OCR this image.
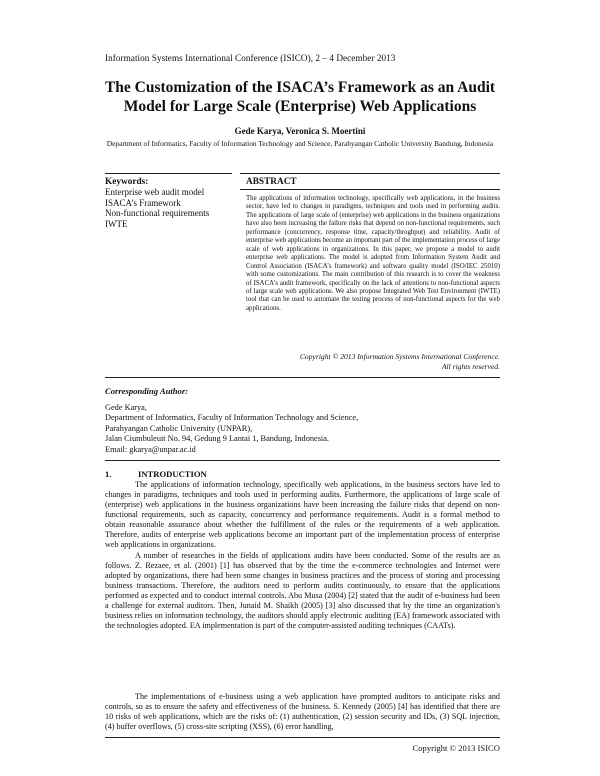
Information Systems International Conference (ISICO), 2 – 4 December 2013
The Customization of the ISACA’s Framework as an Audit Model for Large Scale (Enterprise) Web Applications
Gede Karya, Veronica S. Moertini
Department of Informatics, Faculty of Information Technology and Science, Parahyangan Catholic University Bandung, Indonesia
Keywords:
Enterprise web audit model
ISACA’s Framework
Non-functional requirements
IWTE
ABSTRACT

The applications of information technology, specifically web applications, in the business sector, have led to changes in paradigms, techniques and tools used in performing audits. The applications of large scale of (enterprise) web applications in the business organizations have also been increasing the failure risks that depend on non-functional requirements, such performance (concurrency, response time, capacity/throghput) and reliability. Audit of enterprise web applications become an important part of the implementation process of large scale of web applications in organizations. In this paper, we propose a model to audit enterprise web applications. The model is adopted from Information System Audit and Control Association (ISACA’s framework) and software quality model (ISO/IEC 25010) with some customizations. The main contribution of this research is to cover the weakness of ISACA’s audit framework, specifically on the lack of attentions to non-functional aspects of large scale web applications. We also propose Integrated Web Test Environment (IWTE) tool that can be used to automate the testing process of non-functional aspects for the web applications.

Copyright © 2013 Information Systems International Conference.
All rights reserved.
Corresponding Author:
Gede Karya,
Department of Informatics, Faculty of Information Technology and Science,
Parahyangan Catholic University (UNPAR),
Jalan Ciumbuleuit No. 94, Gedung 9 Lantai 1, Bandung, Indonesia.
Email: gkarya@unpar.ac.id
1.	INTRODUCTION

The applications of information technology, specifically web applications, in the business sectors have led to changes in paradigms, techniques and tools used in performing audits. Furthermore, the applications of large scale of (enterprise) web applications in the business organizations have been increasing the failure risks that depend on non-functional requirements, such as capacity, concurrency and performance requirements. Audit is a formal method to obtain reasonable assurance about whether the fulfillment of the rules or the requirements of a web application. Therefore, audits of enterprise web applications become an important part of the implementation process of enterprise web applications in organizations.

A number of researches in the fields of applications audits have been conducted. Some of the results are as follows. Z. Rezaee, et al. (2001) [1] has observed that by the time the e-commerce technologies and Internet were adopted by organizations, there had been some changes in business practices and the process of storing and processing business transactions. Therefore, the auditors need to perform audits continuously, to ensure that the applications performed as expected and to conduct internal controls. Abu Musa (2004) [2] stated that the audit of e-business had been a challenge for external auditors. Then, Junaid M. Shaikh (2005) [3] also discussed that by the time an organization's business relies on information technology, the auditors should apply electronic auditing (EA) framework associated with the technologies adopted. EA implementation is part of the computer-assisted auditing techniques (CAATs).

The implementations of e-business using a web application have prompted auditors to anticipate risks and controls, so as to ensure the safety and effectiveness of the business. S. Kennedy (2005) [4] has identified that there are 10 risks of web applications, which are the risks of: (1) authentication, (2) session security and IDs, (3) SQL injection, (4) buffer overflows, (5) cross-site scripting (XSS), (6) error handling,

Copyright © 2013 ISICO
